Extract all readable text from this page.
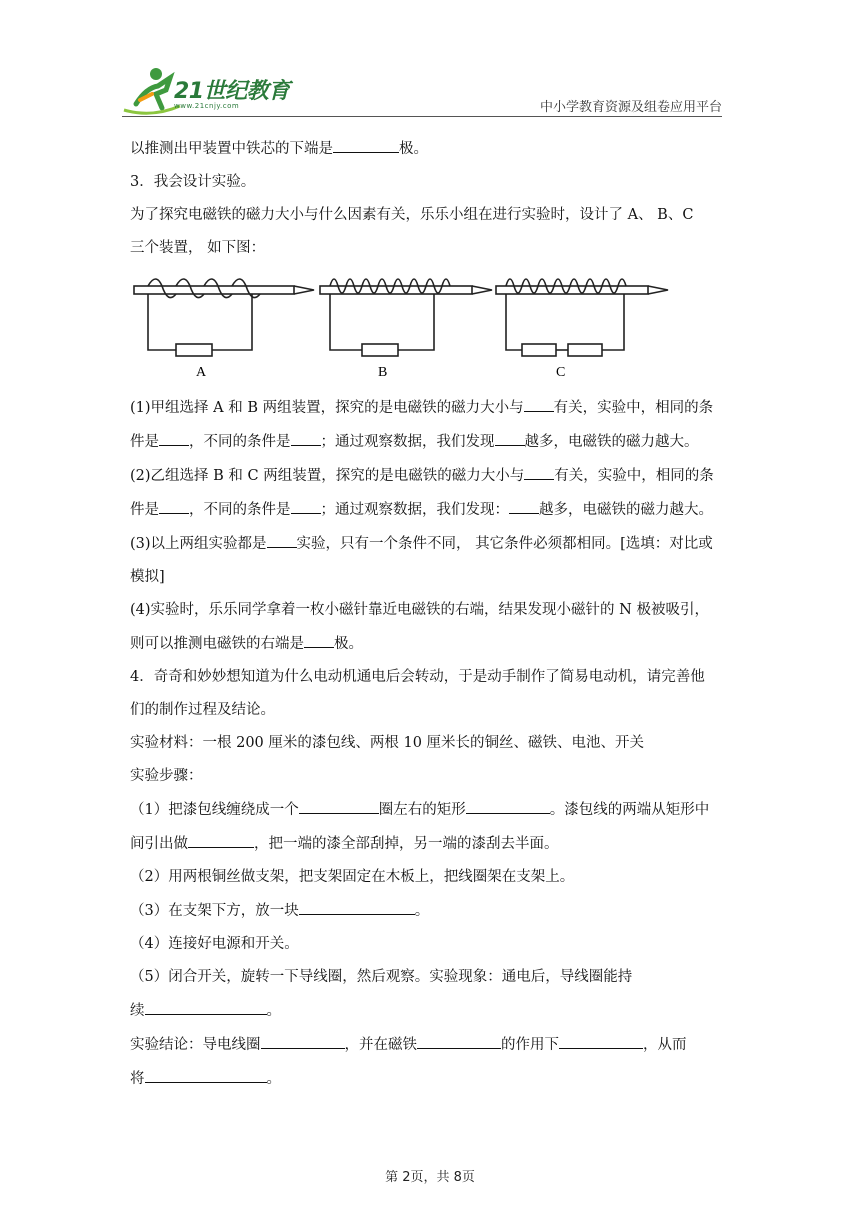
21世纪教育
www.21cnjy.com	中小学教育资源及组卷应用平台

以推测出甲装置中铁芯的下端是	极。

3．我会设计实验。

为了探究电磁铁的磁力大小与什么因素有关，乐乐小组在进行实验时，设计了 A、 B、C

三个装置， 如下图：

A	B	C

(1)甲组选择 A 和 B 两组装置，探究的是电磁铁的磁力大小与 有关，实验中，相同的条

件是 ，不同的条件是 ；通过观察数据，我们发现 越多，电磁铁的磁力越大。

(2)乙组选择 B 和 C 两组装置，探究的是电磁铁的磁力大小与 有关，实验中，相同的条

件是 ，不同的条件是 ；通过观察数据，我们发现： 越多，电磁铁的磁力越大。

(3)以上两组实验都是 实验，只有一个条件不同， 其它条件必须都相同。[选填：对比或

模拟]

(4)实验时，乐乐同学拿着一枚小磁针靠近电磁铁的右端，结果发现小磁针的 N 极被吸引，

则可以推测电磁铁的右端是 极。

4．奇奇和妙妙想知道为什么电动机通电后会转动，于是动手制作了简易电动机，请完善他

们的制作过程及结论。

实验材料：一根 200 厘米的漆包线、两根 10 厘米长的铜丝、磁铁、电池、开关

实验步骤：

（1）把漆包线缠绕成一个	圈左右的矩形	。漆包线的两端从矩形中

间引出做	，把一端的漆全部刮掉，另一端的漆刮去半面。

（2）用两根铜丝做支架，把支架固定在木板上，把线圈架在支架上。

（3）在支架下方，放一块	。

（4）连接好电源和开关。

（5）闭合开关，旋转一下导线圈，然后观察。实验现象：通电后，导线圈能持

续	。

实验结论：导电线圈	，并在磁铁	的作用下	，从而

将	。

第 2页，共 8页
